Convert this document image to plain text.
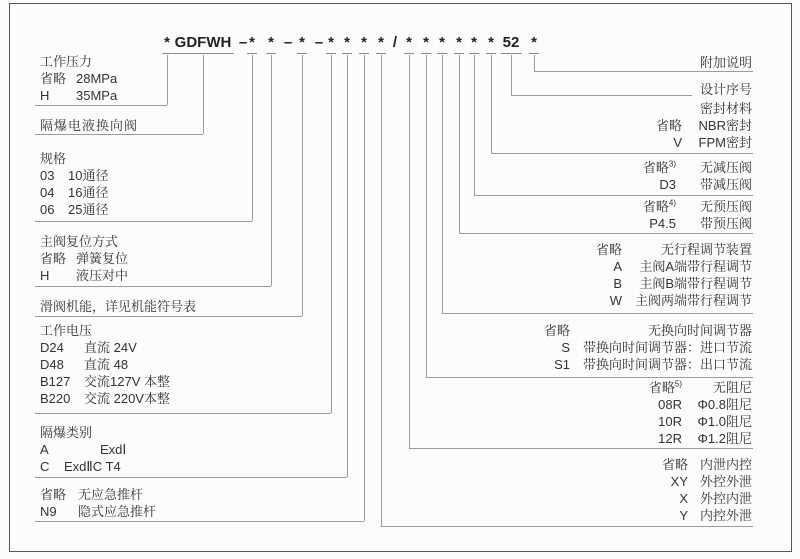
* GDFWH – * * – * – * * * * / * * * * * * 52 *
工作压力
省略 28MPa
H	35MPa
隔爆电液换向阀
规格
03	10通径
04	16通径
06	25通径
主阀复位方式
省略 弹簧复位
H	液压对中
滑阀机能，详见机能符号表
工作电压
D24	直流 24V
D48	直流 48
B127	交流127V 本整
B220	交流 220V本整
隔爆类别
A	ExdⅠ
C	ExdⅡC T4
省略 无应急推杆
N9	隐式应急推杆
附加说明
设计序号
密封材料
省略	NBR密封
V	FPM密封
省略$^{3)}$	无减压阀
D3	带减压阀
省略$^{4)}$	无预压阀
P4.5	带预压阀
省略	无行程调节装置
A	主阀A端带行程调节
B	主阀B端带行程调节
W 主阀两端带行程调节
省略	无换向时间调节器
S 带换向时间调节器：进口节流
S1 带换向时间调节器：出口节流
省略$^{5)}$	无阻尼
08R	Φ0.8阻尼
10R	Φ1.0阻尼
12R	Φ1.2阻尼
省略 内泄内控
XY 外控外泄
X 外控内泄
Y 内控外泄
